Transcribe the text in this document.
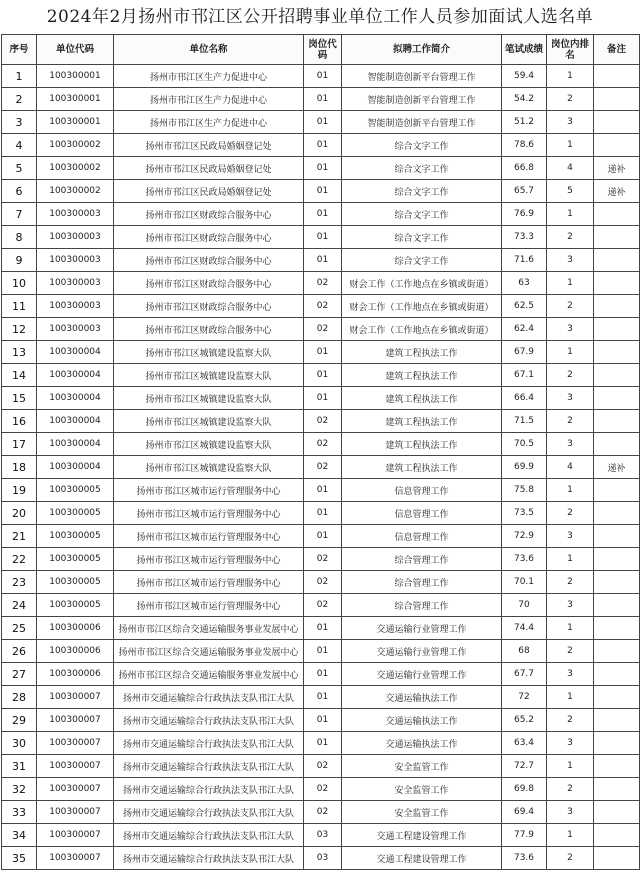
2024年2月扬州市邗江区公开招聘事业单位工作人员参加面试人选名单
序号	单位代码	单位名称	岗位代码	拟聘工作简介	笔试成绩	岗位内排名	备注
1	100300001	扬州市邗江区生产力促进中心	01	智能制造创新平台管理工作	59.4	1	
2	100300001	扬州市邗江区生产力促进中心	01	智能制造创新平台管理工作	54.2	2	
3	100300001	扬州市邗江区生产力促进中心	01	智能制造创新平台管理工作	51.2	3	
4	100300002	扬州市邗江区民政局婚姻登记处	01	综合文字工作	78.6	1	
5	100300002	扬州市邗江区民政局婚姻登记处	01	综合文字工作	66.8	4	递补
6	100300002	扬州市邗江区民政局婚姻登记处	01	综合文字工作	65.7	5	递补
7	100300003	扬州市邗江区财政综合服务中心	01	综合文字工作	76.9	1	
8	100300003	扬州市邗江区财政综合服务中心	01	综合文字工作	73.3	2	
9	100300003	扬州市邗江区财政综合服务中心	01	综合文字工作	71.6	3	
10	100300003	扬州市邗江区财政综合服务中心	02	财会工作（工作地点在乡镇或街道）	63	1	
11	100300003	扬州市邗江区财政综合服务中心	02	财会工作（工作地点在乡镇或街道）	62.5	2	
12	100300003	扬州市邗江区财政综合服务中心	02	财会工作（工作地点在乡镇或街道）	62.4	3	
13	100300004	扬州市邗江区城镇建设监察大队	01	建筑工程执法工作	67.9	1	
14	100300004	扬州市邗江区城镇建设监察大队	01	建筑工程执法工作	67.1	2	
15	100300004	扬州市邗江区城镇建设监察大队	01	建筑工程执法工作	66.4	3	
16	100300004	扬州市邗江区城镇建设监察大队	02	建筑工程执法工作	71.5	2	
17	100300004	扬州市邗江区城镇建设监察大队	02	建筑工程执法工作	70.5	3	
18	100300004	扬州市邗江区城镇建设监察大队	02	建筑工程执法工作	69.9	4	递补
19	100300005	扬州市邗江区城市运行管理服务中心	01	信息管理工作	75.8	1	
20	100300005	扬州市邗江区城市运行管理服务中心	01	信息管理工作	73.5	2	
21	100300005	扬州市邗江区城市运行管理服务中心	01	信息管理工作	72.9	3	
22	100300005	扬州市邗江区城市运行管理服务中心	02	综合管理工作	73.6	1	
23	100300005	扬州市邗江区城市运行管理服务中心	02	综合管理工作	70.1	2	
24	100300005	扬州市邗江区城市运行管理服务中心	02	综合管理工作	70	3	
25	100300006	扬州市邗江区综合交通运输服务事业发展中心	01	交通运输行业管理工作	74.4	1	
26	100300006	扬州市邗江区综合交通运输服务事业发展中心	01	交通运输行业管理工作	68	2	
27	100300006	扬州市邗江区综合交通运输服务事业发展中心	01	交通运输行业管理工作	67.7	3	
28	100300007	扬州市交通运输综合行政执法支队邗江大队	01	交通运输执法工作	72	1	
29	100300007	扬州市交通运输综合行政执法支队邗江大队	01	交通运输执法工作	65.2	2	
30	100300007	扬州市交通运输综合行政执法支队邗江大队	01	交通运输执法工作	63.4	3	
31	100300007	扬州市交通运输综合行政执法支队邗江大队	02	安全监管工作	72.7	1	
32	100300007	扬州市交通运输综合行政执法支队邗江大队	02	安全监管工作	69.8	2	
33	100300007	扬州市交通运输综合行政执法支队邗江大队	02	安全监管工作	69.4	3	
34	100300007	扬州市交通运输综合行政执法支队邗江大队	03	交通工程建设管理工作	77.9	1	
35	100300007	扬州市交通运输综合行政执法支队邗江大队	03	交通工程建设管理工作	73.6	2	
